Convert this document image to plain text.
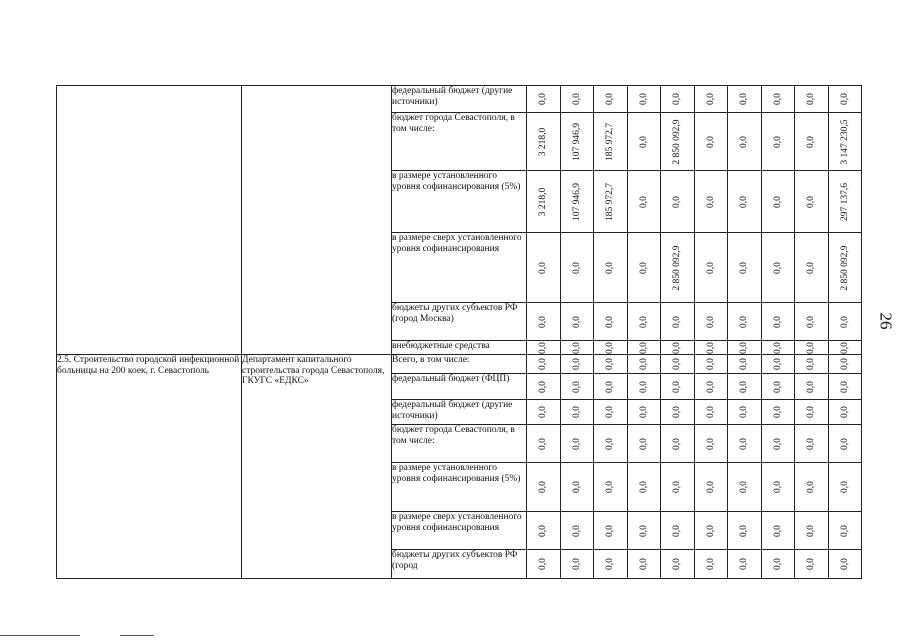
26
		федеральный бюджет (другие источники)	0,0	0,0	0,0	0,0	0,0	0,0	0,0	0,0	0,0	0,0

		бюджет города Севастополя, в том числе:	3 218,0	107 946,9	185 972,7	0,0	2 850 092,9	0,0	0,0	0,0	0,0	3 147 230,5

		в размере установленного уровня софинансирования (5%)	3 218,0	107 946,9	185 972,7	0,0	0,0	0,0	0,0	0,0	0,0	297 137,6

		в размере сверх установленного уровня софинансирования	0,0	0,0	0,0	0,0	2 850 092,9	0,0	0,0	0,0	0,0	2 850 092,9

		бюджеты других субъектов РФ (город Москва)	0,0	0,0	0,0	0,0	0,0	0,0	0,0	0,0	0,0	0,0

		внебюджетные средства	0,0	0,0	0,0	0,0	0,0	0,0	0,0	0,0	0,0	0,0

2.5. Строительство городской инфекционной больницы на 200 коек, г. Севастополь	Департамент капитального строительства города Севастополя, ГКУГС «ЕДКС»	Всего, в том числе:	0,0	0,0	0,0	0,0	0,0	0,0	0,0	0,0	0,0	0,0

		федеральный бюджет (ФЦП)	0,0	0,0	0,0	0,0	0,0	0,0	0,0	0,0	0,0	0,0

		федеральный бюджет (другие источники)	0,0	0,0	0,0	0,0	0,0	0,0	0,0	0,0	0,0	0,0

		бюджет города Севастополя, в том числе:	0,0	0,0	0,0	0,0	0,0	0,0	0,0	0,0	0,0	0,0

		в размере установленного уровня софинансирования (5%)	0,0	0,0	0,0	0,0	0,0	0,0	0,0	0,0	0,0	0,0

		в размере сверх установленного уровня софинансирования	0,0	0,0	0,0	0,0	0,0	0,0	0,0	0,0	0,0	0,0

		бюджеты других субъектов РФ (город	0,0	0,0	0,0	0,0	0,0	0,0	0,0	0,0	0,0	0,0
